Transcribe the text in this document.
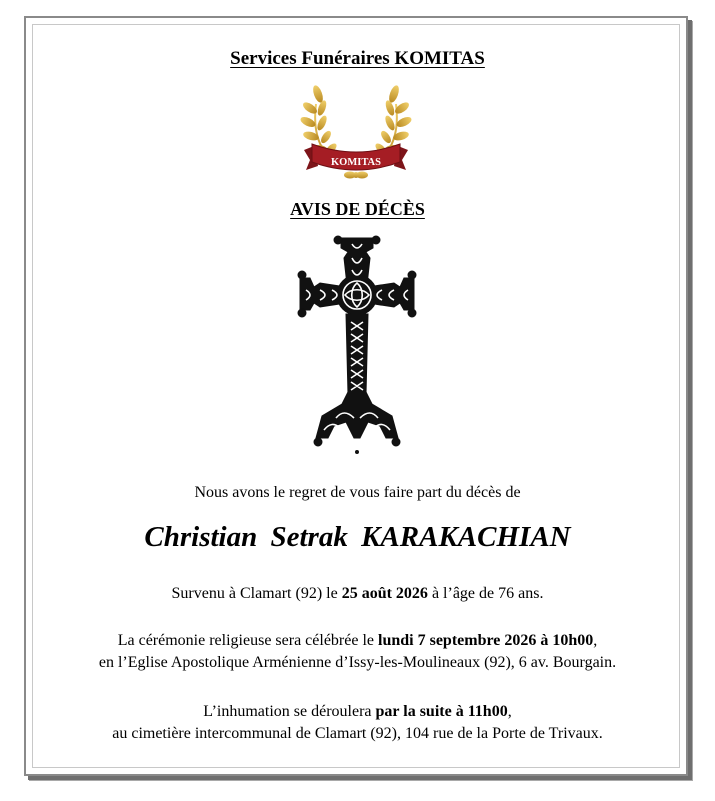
Services Funéraires KOMITAS
KOMITAS
AVIS DE DÉCÈS
Nous avons le regret de vous faire part du décès de
Christian Setrak KARAKACHIAN
Survenu à Clamart (92) le 25 août 2026 à l’âge de 76 ans.
La cérémonie religieuse sera célébrée le lundi 7 septembre 2026 à 10h00,
en l’Eglise Apostolique Arménienne d’Issy-les-Moulineaux (92), 6 av. Bourgain.
L’inhumation se déroulera par la suite à 11h00,
au cimetière intercommunal de Clamart (92), 104 rue de la Porte de Trivaux.
